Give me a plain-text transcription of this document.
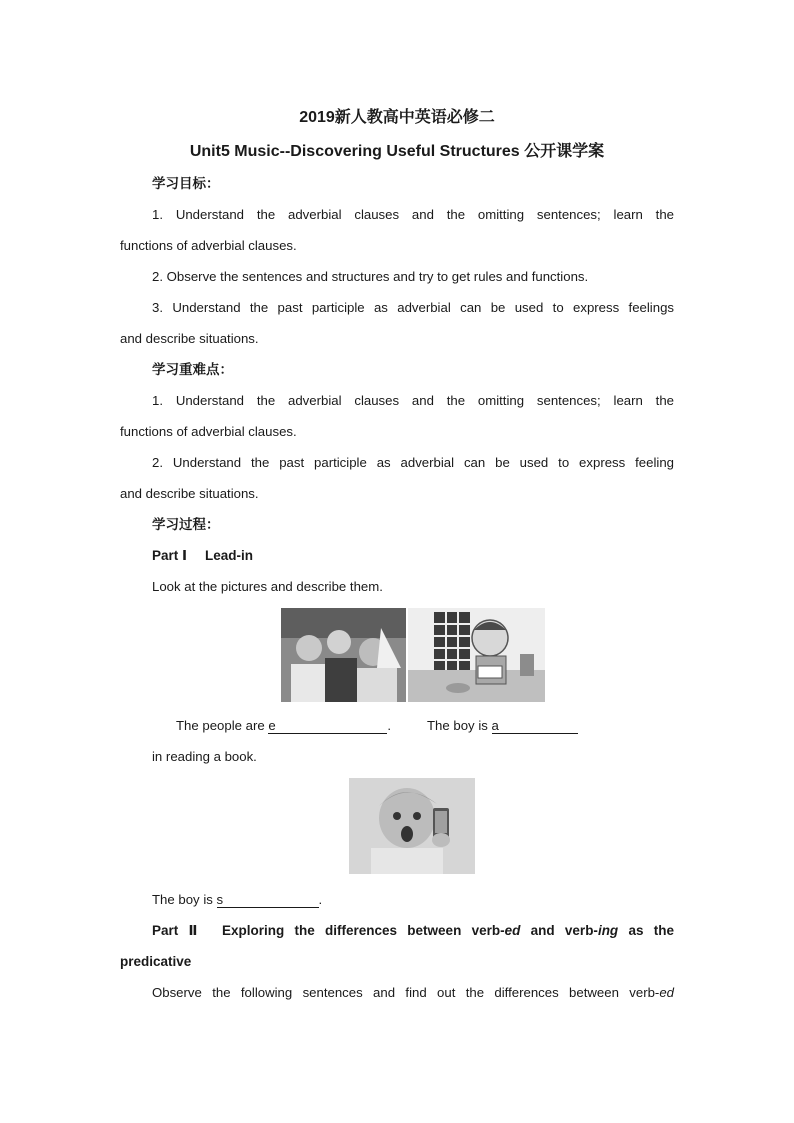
2019新人教高中英语必修二

Unit5 Music--Discovering Useful Structures 公开课学案

学习目标：

1. Understand the adverbial clauses and the omitting sentences; learn the

functions of adverbial clauses.

2. Observe the sentences and structures and try to get rules and functions.

3. Understand the past participle as adverbial can be used to express feelings

and describe situations.

学习重难点：

1. Understand the adverbial clauses and the omitting sentences; learn the

functions of adverbial clauses.

2. Understand the past participle as adverbial can be used to express feeling

and describe situations.

学习过程：

Part Ⅰ Lead-in

Look at the pictures and describe them.

The people are e	.	The boy is a

in reading a book.

The boy is s	.

Part Ⅱ Exploring the differences between verb-ed and verb-ing as the

predicative

Observe the following sentences and find out the differences between verb-ed
